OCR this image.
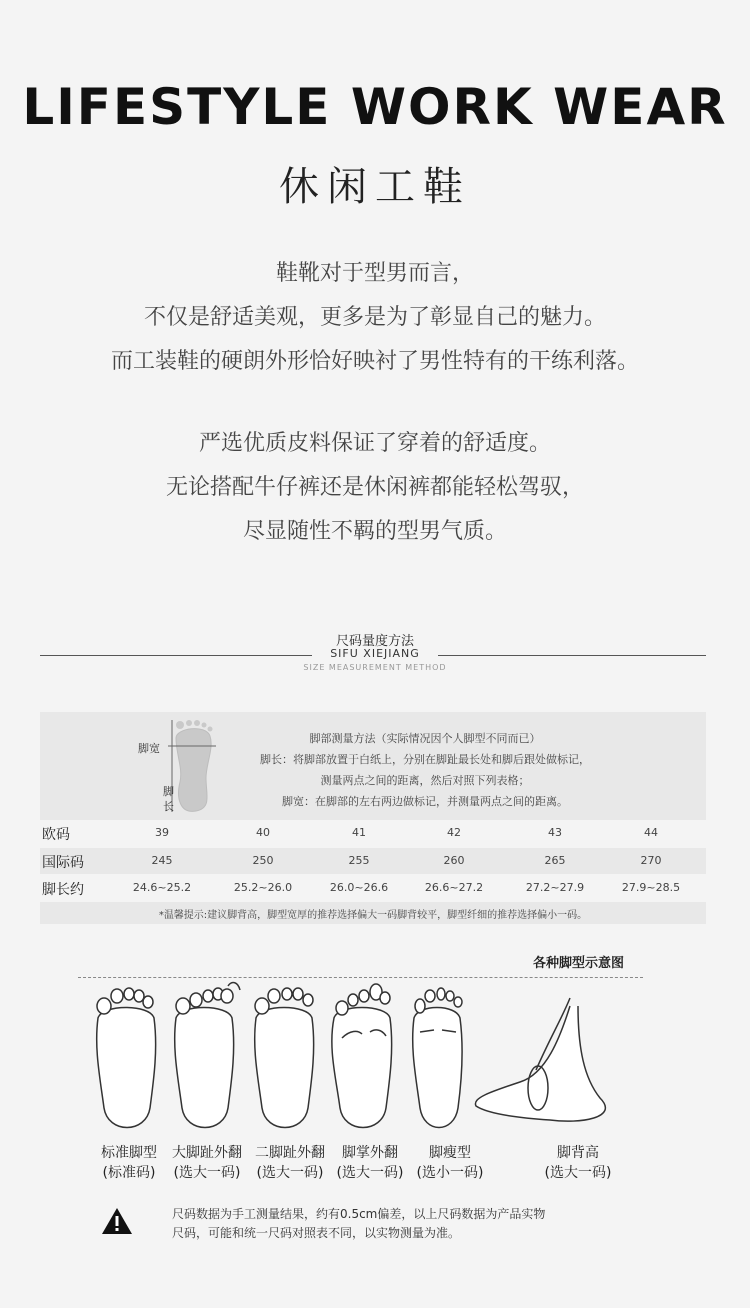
LIFESTYLE WORK WEAR
休闲工鞋
鞋靴对于型男而言，
不仅是舒适美观，更多是为了彰显自己的魅力。
而工装鞋的硬朗外形恰好映衬了男性特有的干练利落。
严选优质皮料保证了穿着的舒适度。
无论搭配牛仔裤还是休闲裤都能轻松驾驭，
尽显随性不羁的型男气质。
尺码量度方法
SIFU XIEJIANG
SIZE MEASUREMENT METHOD
脚宽
脚长
脚部测量方法（实际情况因个人脚型不同而已）
脚长：将脚部放置于白纸上，分别在脚趾最长处和脚后跟处做标记，
测量两点之间的距离，然后对照下列表格；
脚宽：在脚部的左右两边做标记，并测量两点之间的距离。
欧码	39	40	41	42	43	44
国际码	245	250	255	260	265	270
脚长约	24.6~25.2	25.2~26.0	26.0~26.6	26.6~27.2	27.2~27.9	27.9~28.5
*温馨提示:建议脚背高，脚型宽厚的推荐选择偏大一码脚背较平，脚型纤细的推荐选择偏小一码。
各种脚型示意图
标准脚型
(标准码)
大脚趾外翻
(选大一码)
二脚趾外翻
(选大一码)
脚掌外翻
(选大一码)
脚瘦型
(选小一码)
脚背高
(选大一码)
尺码数据为手工测量结果，约有0.5cm偏差，以上尺码数据为产品实物
尺码，可能和统一尺码对照表不同，以实物测量为准。
